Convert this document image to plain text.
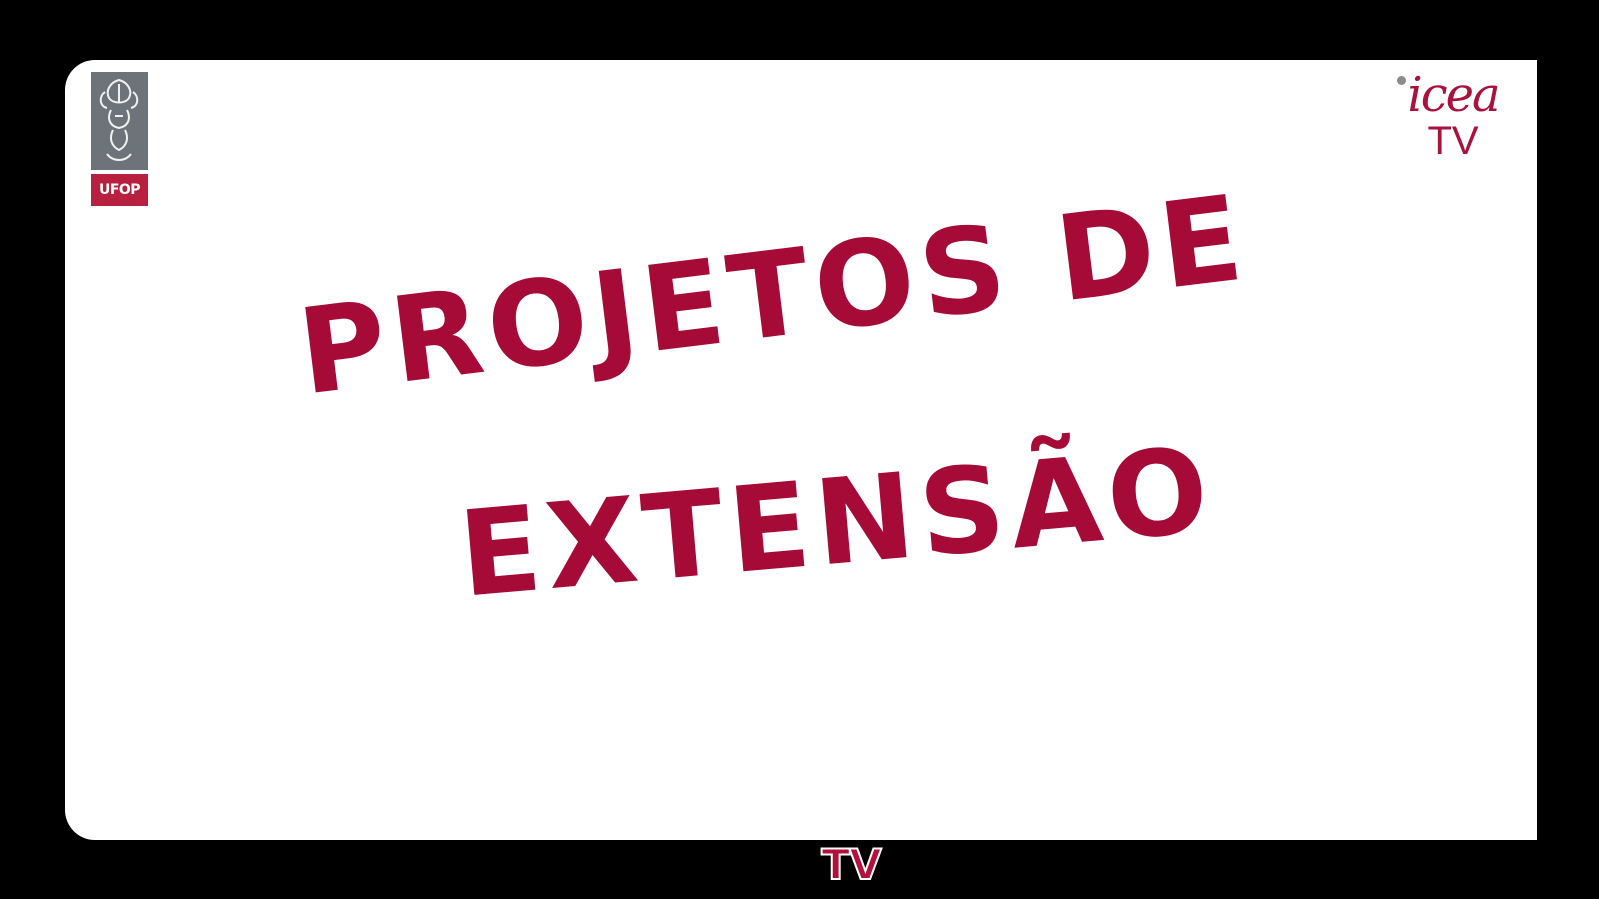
UFOP
icea
TV
PROJETOS DE
EXTENSÃO
TV
